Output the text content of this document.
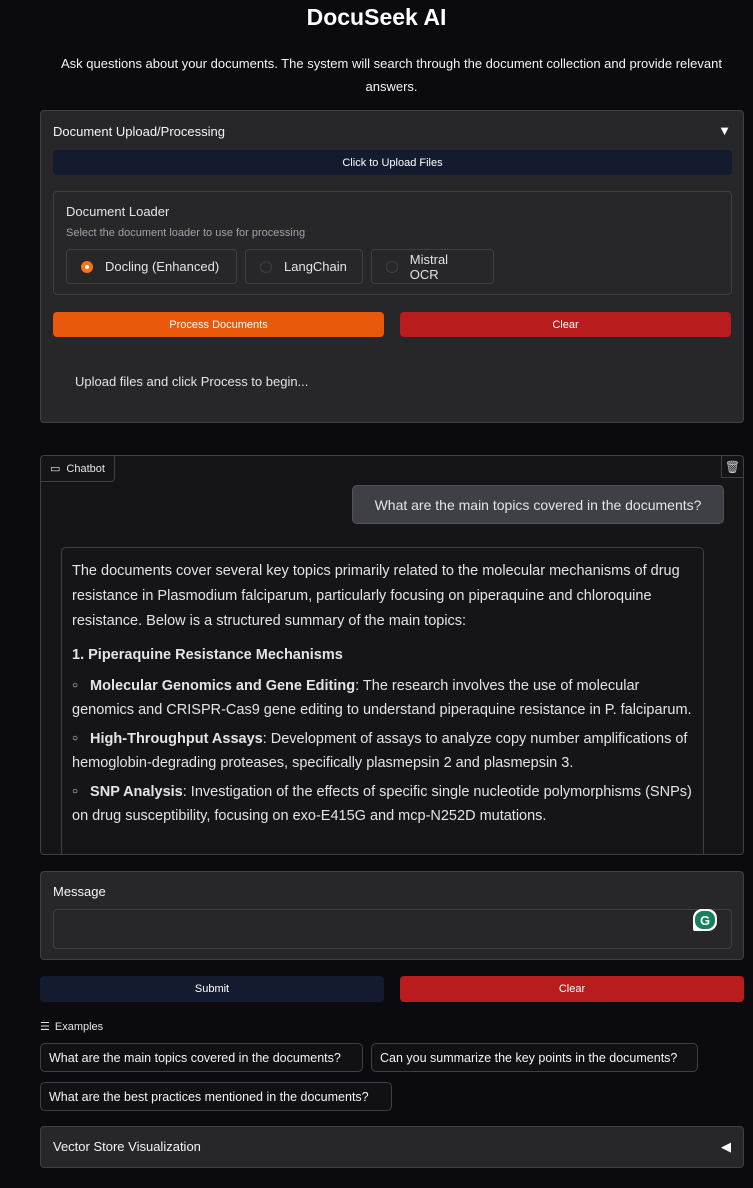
DocuSeek AI
Ask questions about your documents. The system will search through the document collection and provide relevant answers.
Document Upload/Processing	▼
Click to Upload Files
Document Loader
Select the document loader to use for processing
Docling (Enhanced)	LangChain	Mistral OCR
Process Documents	Clear
Upload files and click Process to begin...
▭ Chatbot	🗑
What are the main topics covered in the documents?

The documents cover several key topics primarily related to the molecular mechanisms of drug resistance in Plasmodium falciparum, particularly focusing on piperaquine and chloroquine resistance. Below is a structured summary of the main topics:

1. Piperaquine Resistance Mechanisms
○ Molecular Genomics and Gene Editing: The research involves the use of molecular genomics and CRISPR-Cas9 gene editing to understand piperaquine resistance in P. falciparum.
○ High-Throughput Assays: Development of assays to analyze copy number amplifications of hemoglobin-degrading proteases, specifically plasmepsin 2 and plasmepsin 3.
○ SNP Analysis: Investigation of the effects of specific single nucleotide polymorphisms (SNPs) on drug susceptibility, focusing on exo-E415G and mcp-N252D mutations.
Message
G
Submit	Clear
☰ Examples
What are the main topics covered in the documents?	Can you summarize the key points in the documents?
What are the best practices mentioned in the documents?
Vector Store Visualization	◀
